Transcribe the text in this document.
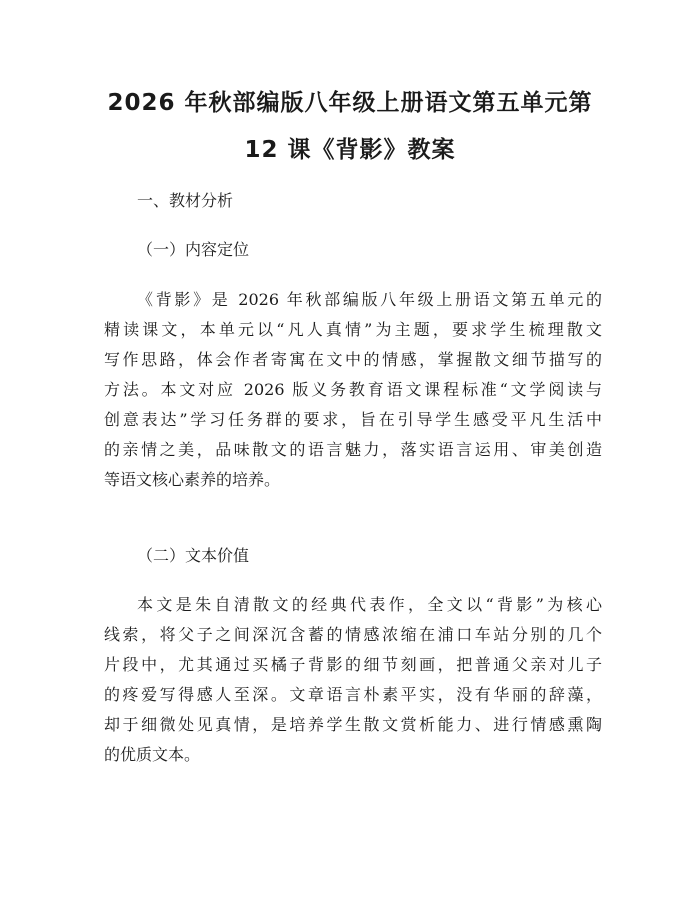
2026 年秋部编版八年级上册语文第五单元第
12 课《背影》教案
一、教材分析
（一）内容定位
《背影》是 2026 年秋部编版八年级上册语文第五单元的
精读课文，本单元以“凡人真情”为主题，要求学生梳理散文
写作思路，体会作者寄寓在文中的情感，掌握散文细节描写的
方法。本文对应 2026 版义务教育语文课程标准“文学阅读与
创意表达”学习任务群的要求，旨在引导学生感受平凡生活中
的亲情之美，品味散文的语言魅力，落实语言运用、审美创造
等语文核心素养的培养。
（二）文本价值
本文是朱自清散文的经典代表作，全文以“背影”为核心
线索，将父子之间深沉含蓄的情感浓缩在浦口车站分别的几个
片段中，尤其通过买橘子背影的细节刻画，把普通父亲对儿子
的疼爱写得感人至深。文章语言朴素平实，没有华丽的辞藻，
却于细微处见真情，是培养学生散文赏析能力、进行情感熏陶
的优质文本。
